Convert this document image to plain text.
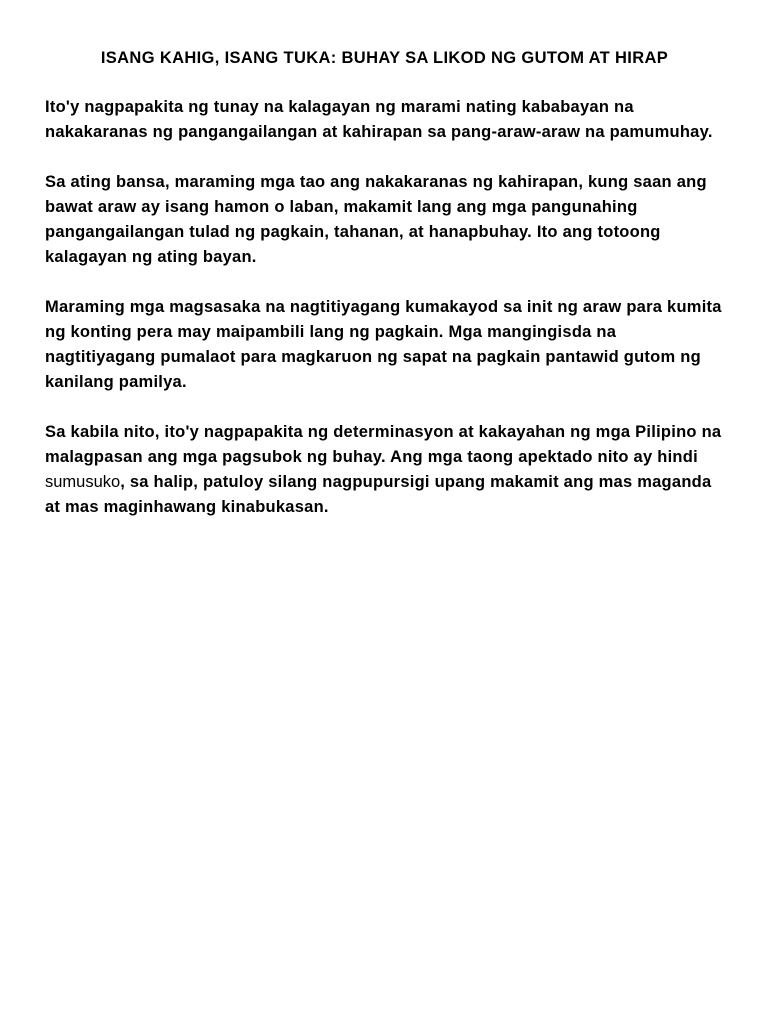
ISANG KAHIG, ISANG TUKA: BUHAY SA LIKOD NG GUTOM AT HIRAP

Ito'y nagpapakita ng tunay na kalagayan ng marami nating kababayan na nakakaranas ng pangangailangan at kahirapan sa pang-araw-araw na pamumuhay.

Sa ating bansa, maraming mga tao ang nakakaranas ng kahirapan, kung saan ang bawat araw ay isang hamon o laban, makamit lang ang mga pangunahing pangangailangan tulad ng pagkain, tahanan, at hanapbuhay. Ito ang totoong kalagayan ng ating bayan.

Maraming mga magsasaka na nagtitiyagang kumakayod sa init ng araw para kumita ng konting pera may maipambili lang ng pagkain. Mga mangingisda na nagtitiyagang pumalaot para magkaruon ng sapat na pagkain pantawid gutom ng kanilang pamilya.

Sa kabila nito, ito'y nagpapakita ng determinasyon at kakayahan ng mga Pilipino na malagpasan ang mga pagsubok ng buhay. Ang mga taong apektado nito ay hindi sumusuko, sa halip, patuloy silang nagpupursigi upang makamit ang mas maganda at mas maginhawang kinabukasan.
